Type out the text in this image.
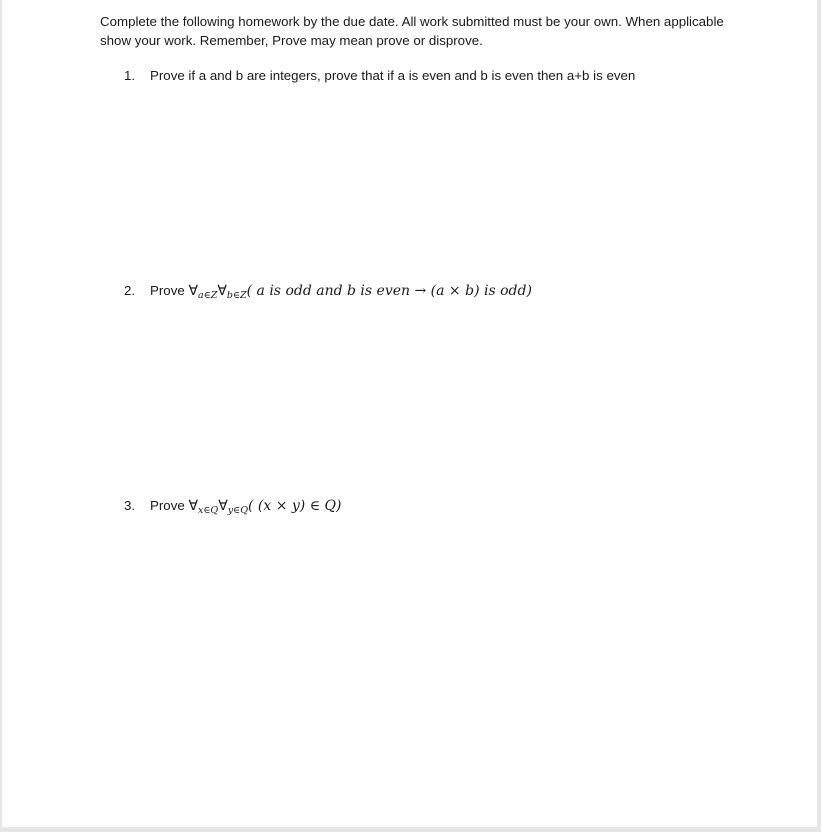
Complete the following homework by the due date. All work submitted must be your own. When applicable show your work. Remember, Prove may mean prove or disprove.

1. Prove if a and b are integers, prove that if a is even and b is even then a+b is even
2. Prove $\forall_{a\in Z}\forall_{b\in Z}$( a is odd and b is even → (a × b) is odd)
3. Prove $\forall_{x\in Q}\forall_{y\in Q}$( (x × y) ∈ Q)
